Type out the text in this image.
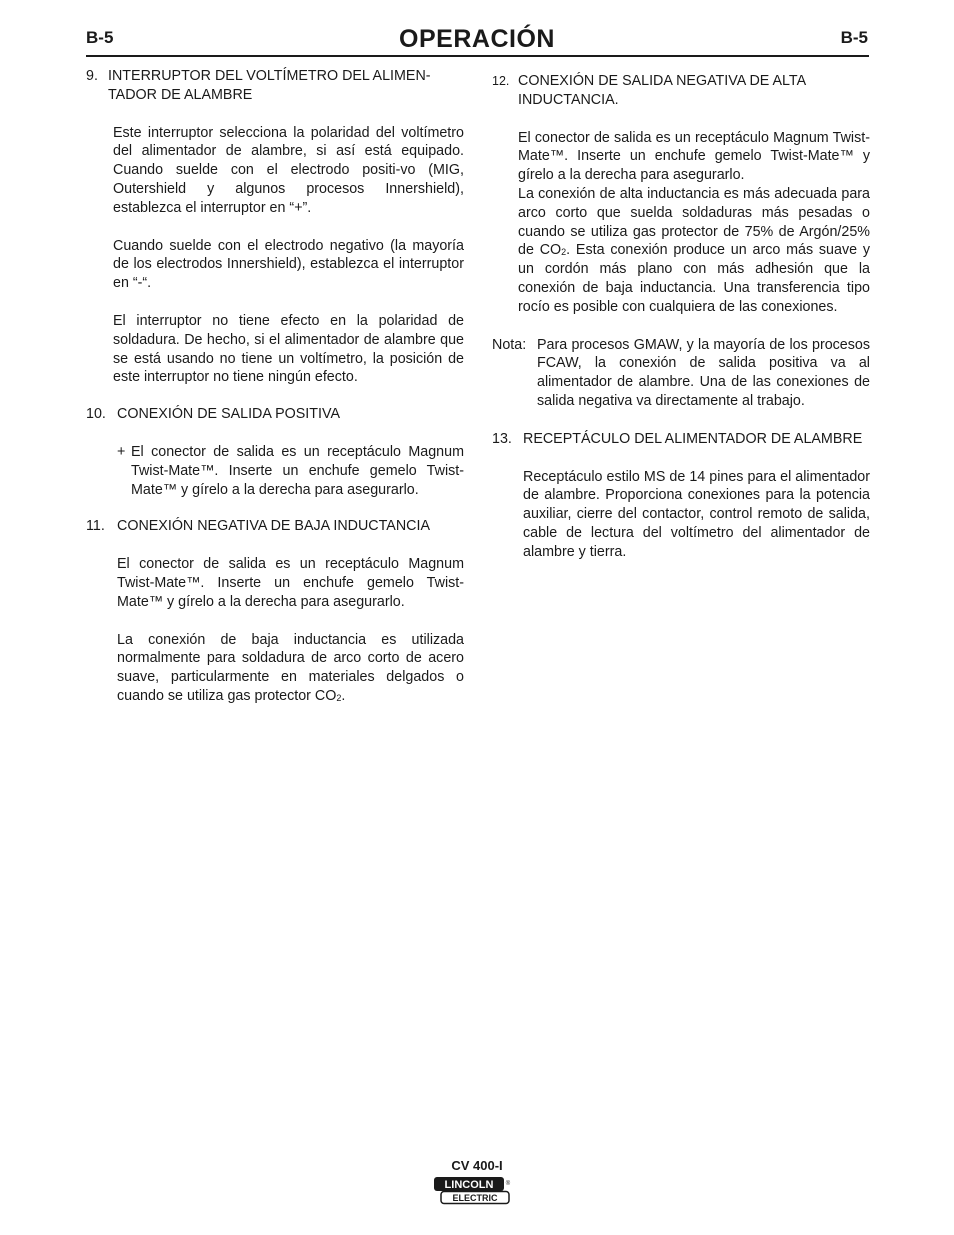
B-5	OPERACIÓN	B-5
9. INTERRUPTOR DEL VOLTÍMETRO DEL ALIMEN-TADOR DE ALAMBRE

Este interruptor selecciona la polaridad del voltímetro del alimentador de alambre, si así está equipado. Cuando suelde con el electrodo positi-vo (MIG, Outershield y algunos procesos Innershield), establezca el interruptor en “+”.

Cuando suelde con el electrodo negativo (la mayoría de los electrodos Innershield), establezca el interruptor en “-“.

El interruptor no tiene efecto en la polaridad de soldadura. De hecho, si el alimentador de alambre que se está usando no tiene un voltímetro, la posición de este interruptor no tiene ningún efecto.

10. CONEXIÓN DE SALIDA POSITIVA
+ El conector de salida es un receptáculo Magnum Twist-Mate™. Inserte un enchufe gemelo Twist-Mate™ y gírelo a la derecha para asegurarlo.
11. CONEXIÓN NEGATIVA DE BAJA INDUCTANCIA

El conector de salida es un receptáculo Magnum Twist-Mate™. Inserte un enchufe gemelo Twist-Mate™ y gírelo a la derecha para asegurarlo.

La conexión de baja inductancia es utilizada normalmente para soldadura de arco corto de acero suave, particularmente en materiales delgados o cuando se utiliza gas protector $CO_2$.

12. CONEXIÓN DE SALIDA NEGATIVA DE ALTA INDUCTANCIA.

El conector de salida es un receptáculo Magnum Twist-Mate™. Inserte un enchufe gemelo Twist-Mate™ y gírelo a la derecha para asegurarlo.

La conexión de alta inductancia es más adecuada para arco corto que suelda soldaduras más pesadas o cuando se utiliza gas protector de 75% de Argón/25% de $CO_2$. Esta conexión produce un arco más suave y un cordón más plano con más adhesión que la conexión de baja inductancia. Una transferencia tipo rocío es posible con cualquiera de las conexiones.

Nota: Para procesos GMAW, y la mayoría de los procesos FCAW, la conexión de salida positiva va al alimentador de alambre. Una de las conexiones de salida negativa va directamente al trabajo.
13. RECEPTÁCULO DEL ALIMENTADOR DE ALAMBRE

Receptáculo estilo MS de 14 pines para el alimentador de alambre. Proporciona conexiones para la potencia auxiliar, cierre del contactor, control remoto de salida, cable de lectura del voltímetro del alimentador de alambre y tierra.

CV 400-I
LINCOLN
ELECTRIC
®
